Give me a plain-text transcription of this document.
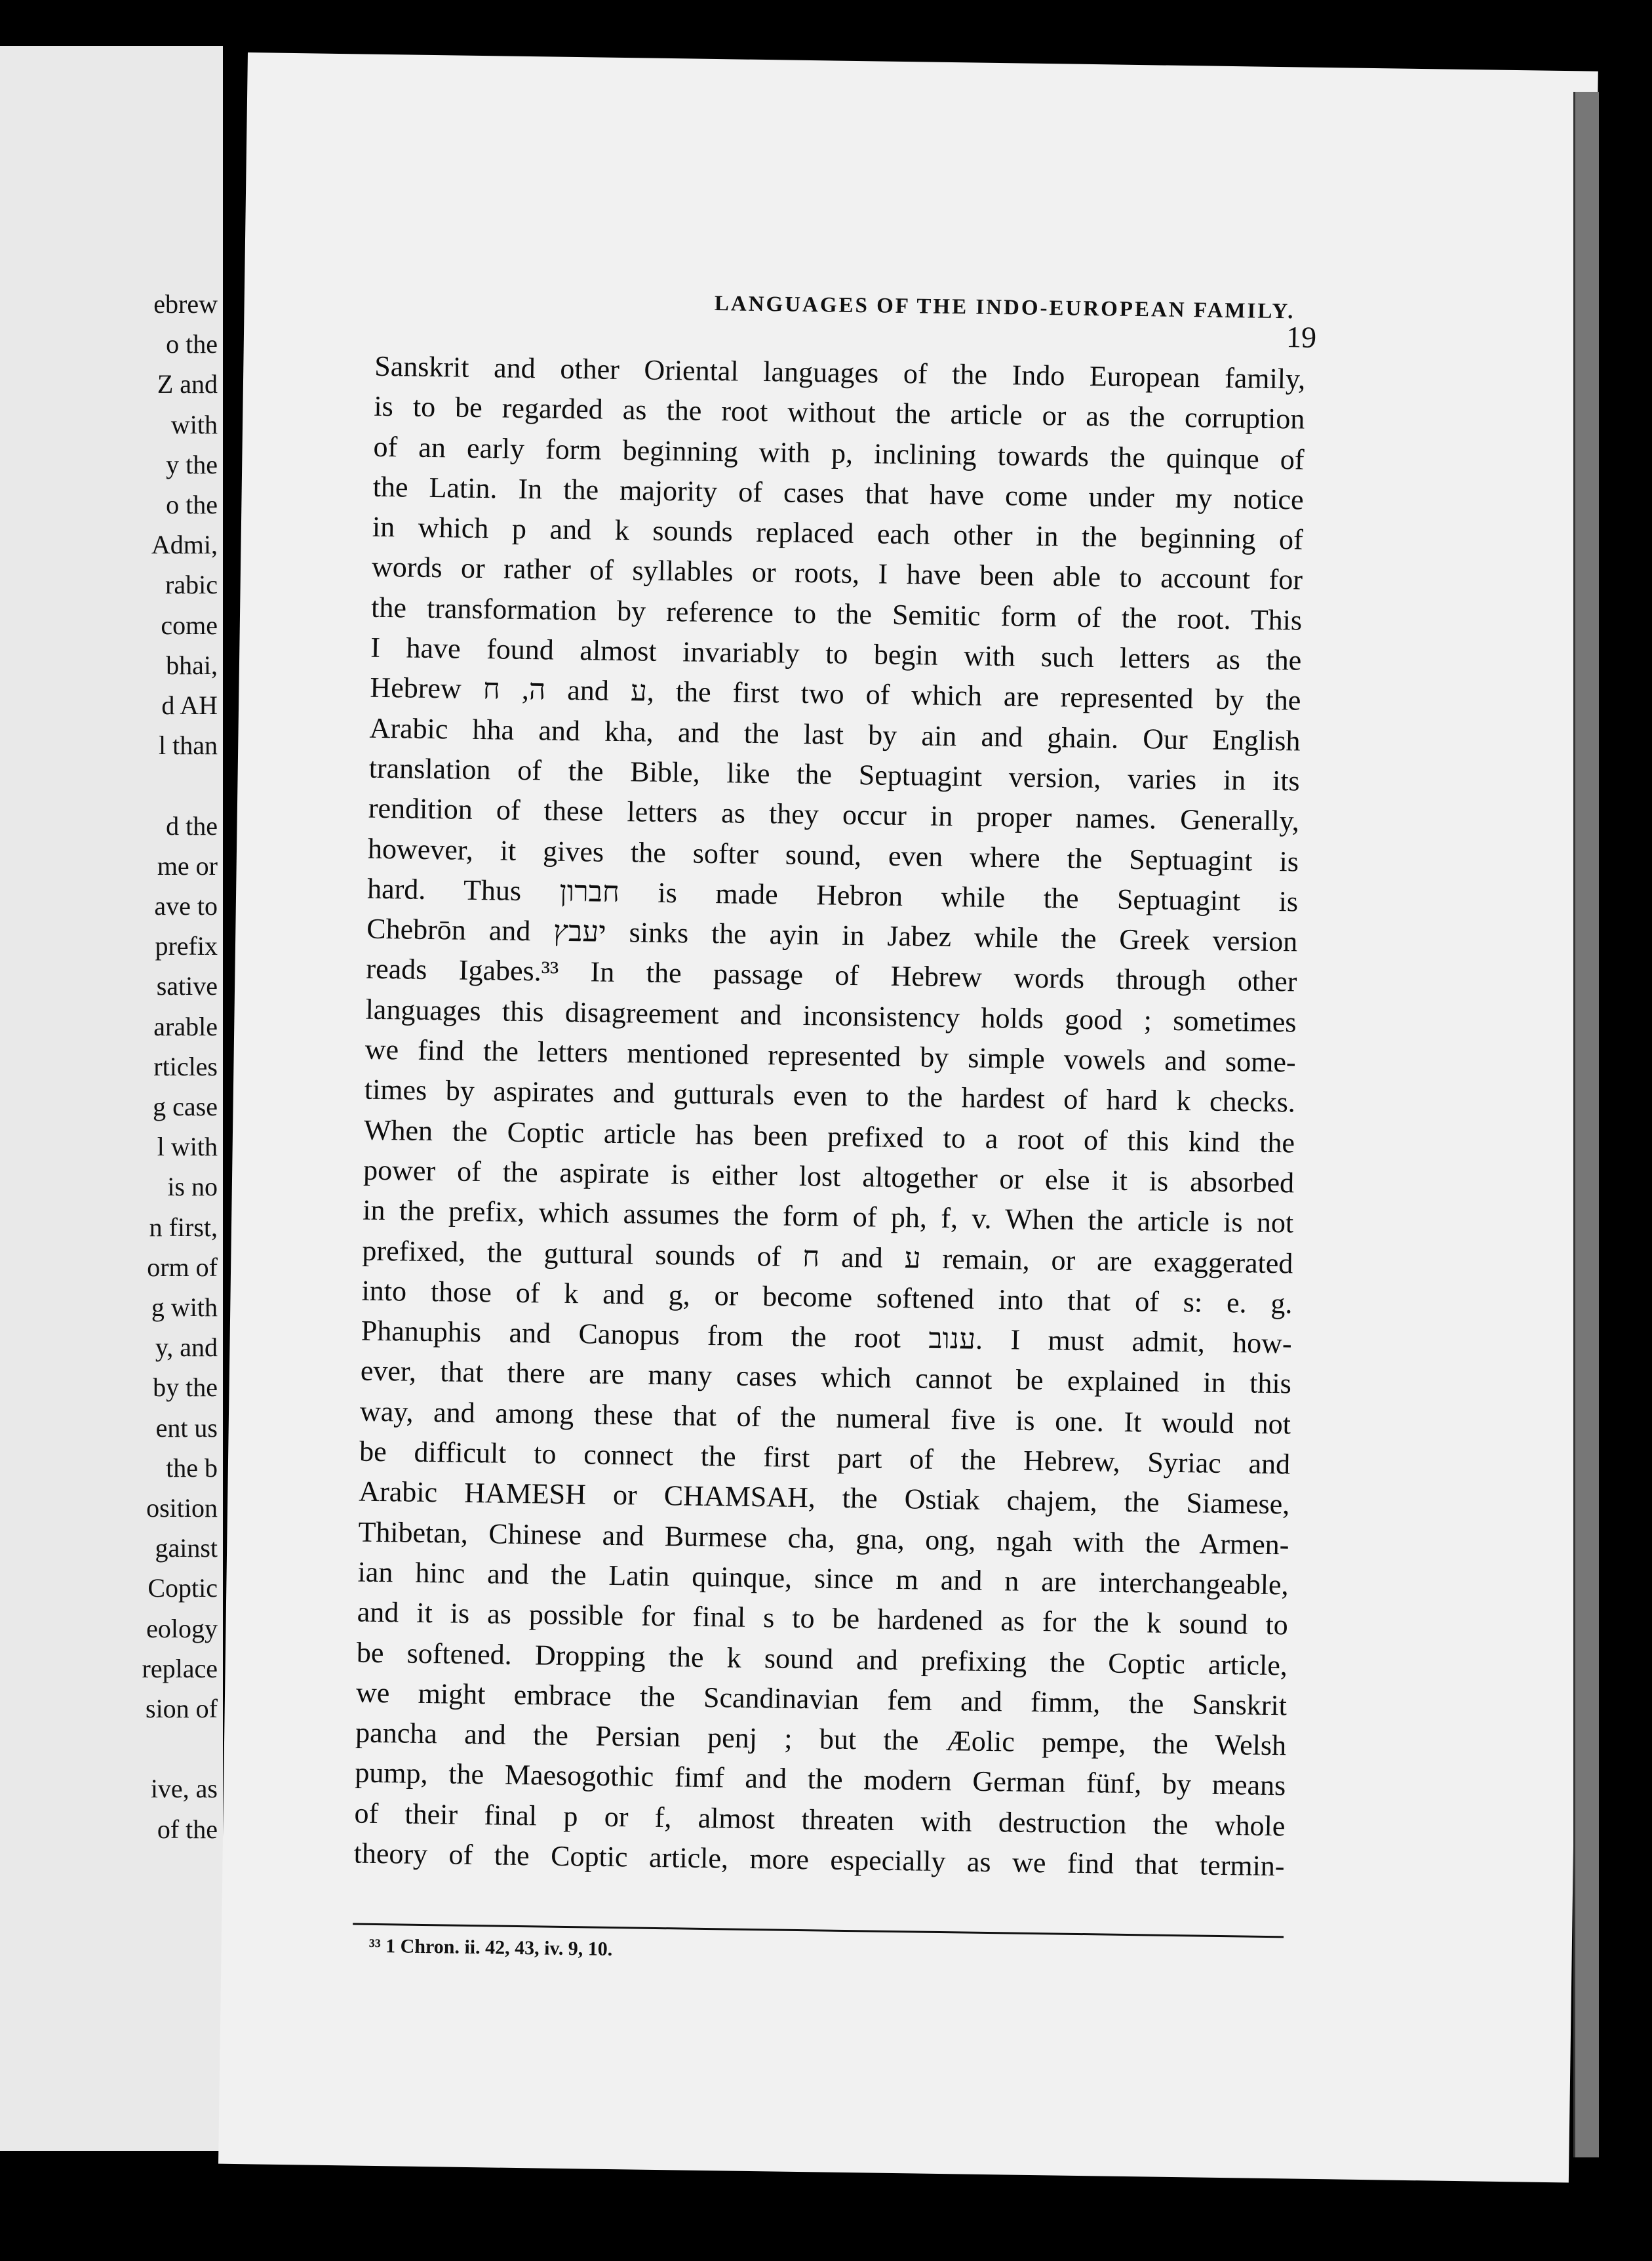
ebrew
o the
Z and
with
y the
o the
Admi,
rabic
come
bhai,
d AH
l than
d the
me or
ave to
prefix
sative
arable
rticles
g case
l with
is no
n first,
orm of
g with
y, and
by the
ent us
the b
osition
gainst
Coptic
eology
replace
sion of
ive, as
of the
LANGUAGES OF THE INDO-EUROPEAN FAMILY.
19
Sanskrit and other Oriental languages of the Indo European family,
is to be regarded as the root without the article or as the corruption
of an early form beginning with p, inclining towards the quinque of
the Latin. In the majority of cases that have come under my notice
in which p and k sounds replaced each other in the beginning of
words or rather of syllables or roots, I have been able to account for
the transformation by reference to the Semitic form of the root. This
I have found almost invariably to begin with such letters as the
Hebrew ה, ח and ע, the first two of which are represented by the
Arabic hha and kha, and the last by ain and ghain. Our English
translation of the Bible, like the Septuagint version, varies in its
rendition of these letters as they occur in proper names. Generally,
however, it gives the softer sound, even where the Septuagint is
hard. Thus חברון is made Hebron while the Septuagint is
Chebrōn and יעבץ sinks the ayin in Jabez while the Greek version
reads Igabes.³³ In the passage of Hebrew words through other
languages this disagreement and inconsistency holds good ; sometimes
we find the letters mentioned represented by simple vowels and some-
times by aspirates and gutturals even to the hardest of hard k checks.
When the Coptic article has been prefixed to a root of this kind the
power of the aspirate is either lost altogether or else it is absorbed
in the prefix, which assumes the form of ph, f, v. When the article is not
prefixed, the guttural sounds of ח and ע remain, or are exaggerated
into those of k and g, or become softened into that of s: e. g.
Phanuphis and Canopus from the root ענוב. I must admit, how-
ever, that there are many cases which cannot be explained in this
way, and among these that of the numeral five is one. It would not
be difficult to connect the first part of the Hebrew, Syriac and
Arabic HAMESH or CHAMSAH, the Ostiak chajem, the Siamese,
Thibetan, Chinese and Burmese cha, gna, ong, ngah with the Armen-
ian hinc and the Latin quinque, since m and n are interchangeable,
and it is as possible for final s to be hardened as for the k sound to
be softened. Dropping the k sound and prefixing the Coptic article,
we might embrace the Scandinavian fem and fimm, the Sanskrit
pancha and the Persian penj ; but the Æolic pempe, the Welsh
pump, the Maesogothic fimf and the modern German fünf, by means
of their final p or f, almost threaten with destruction the whole
theory of the Coptic article, more especially as we find that termin-
³³ 1 Chron. ii. 42, 43, iv. 9, 10.
